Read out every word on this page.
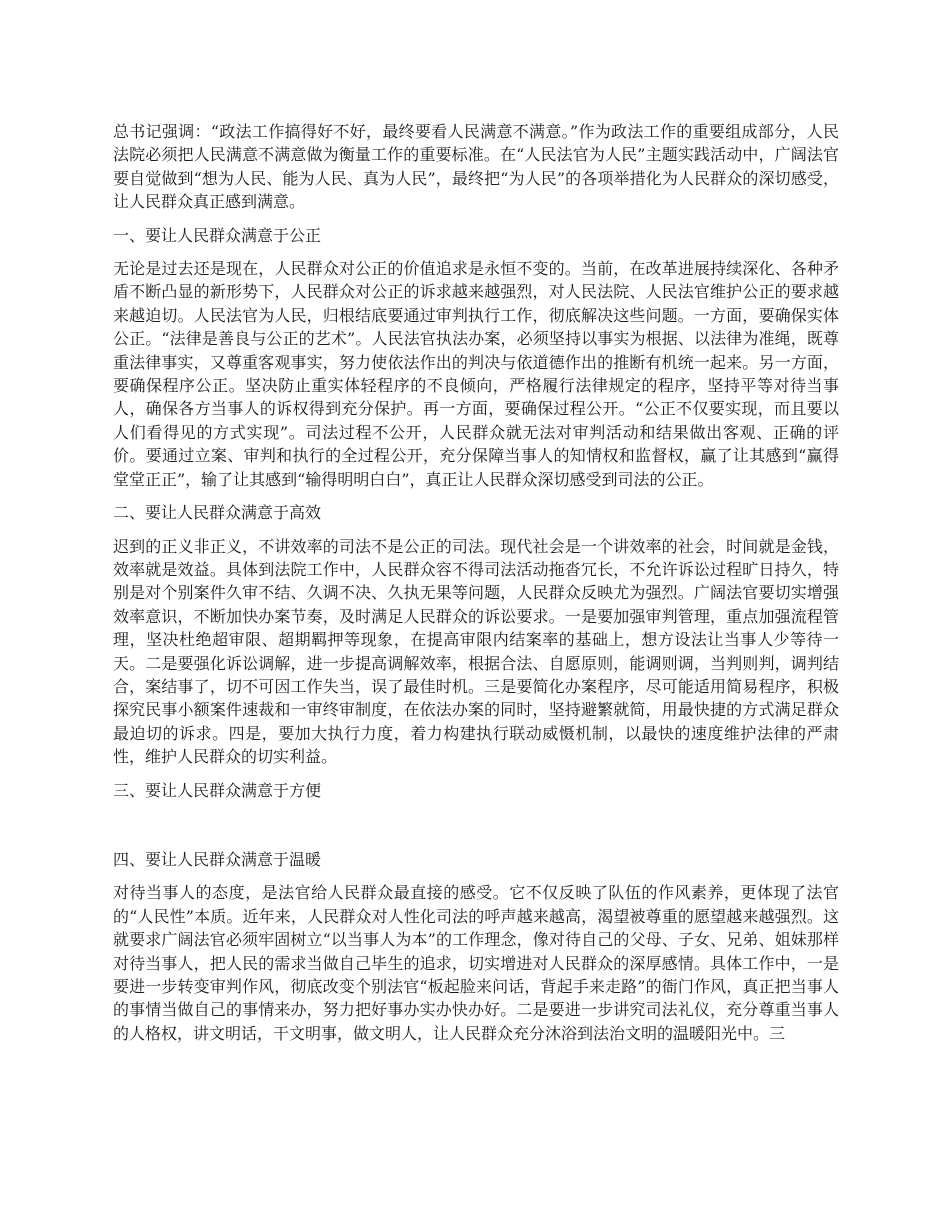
总书记强调：“政法工作搞得好不好，最终要看人民满意不满意。”作为政法工作的重要组成部分，人民法院必须把人民满意不满意做为衡量工作的重要标准。在“人民法官为人民”主题实践活动中，广阔法官要自觉做到“想为人民、能为人民、真为人民”，最终把“为人民”的各项举措化为人民群众的深切感受，让人民群众真正感到满意。

一、要让人民群众满意于公正

无论是过去还是现在，人民群众对公正的价值追求是永恒不变的。当前，在改革进展持续深化、各种矛盾不断凸显的新形势下，人民群众对公正的诉求越来越强烈，对人民法院、人民法官维护公正的要求越来越迫切。人民法官为人民，归根结底要通过审判执行工作，彻底解决这些问题。一方面，要确保实体公正。“法律是善良与公正的艺术”。人民法官执法办案，必须坚持以事实为根据、以法律为准绳，既尊重法律事实，又尊重客观事实，努力使依法作出的判决与依道德作出的推断有机统一起来。另一方面，要确保程序公正。坚决防止重实体轻程序的不良倾向，严格履行法律规定的程序，坚持平等对待当事人，确保各方当事人的诉权得到充分保护。再一方面，要确保过程公开。“公正不仅要实现，而且要以人们看得见的方式实现”。司法过程不公开，人民群众就无法对审判活动和结果做出客观、正确的评价。要通过立案、审判和执行的全过程公开，充分保障当事人的知情权和监督权，赢了让其感到“赢得堂堂正正”，输了让其感到“输得明明白白”，真正让人民群众深切感受到司法的公正。

二、要让人民群众满意于高效

迟到的正义非正义，不讲效率的司法不是公正的司法。现代社会是一个讲效率的社会，时间就是金钱，效率就是效益。具体到法院工作中，人民群众容不得司法活动拖沓冗长，不允许诉讼过程旷日持久，特别是对个别案件久审不结、久调不决、久执无果等问题，人民群众反映尤为强烈。广阔法官要切实增强效率意识，不断加快办案节奏，及时满足人民群众的诉讼要求。一是要加强审判管理，重点加强流程管理，坚决杜绝超审限、超期羁押等现象，在提高审限内结案率的基础上，想方设法让当事人少等待一天。二是要强化诉讼调解，进一步提高调解效率，根据合法、自愿原则，能调则调，当判则判，调判结合，案结事了，切不可因工作失当，误了最佳时机。三是要简化办案程序，尽可能适用简易程序，积极探究民事小额案件速裁和一审终审制度，在依法办案的同时，坚持避繁就简，用最快捷的方式满足群众最迫切的诉求。四是，要加大执行力度，着力构建执行联动威慑机制，以最快的速度维护法律的严肃性，维护人民群众的切实利益。

三、要让人民群众满意于方便

四、要让人民群众满意于温暖

对待当事人的态度，是法官给人民群众最直接的感受。它不仅反映了队伍的作风素养，更体现了法官的“人民性”本质。近年来，人民群众对人性化司法的呼声越来越高，渴望被尊重的愿望越来越强烈。这就要求广阔法官必须牢固树立“以当事人为本”的工作理念，像对待自己的父母、子女、兄弟、姐妹那样对待当事人，把人民的需求当做自己毕生的追求，切实增进对人民群众的深厚感情。具体工作中，一是要进一步转变审判作风，彻底改变个别法官“板起脸来问话，背起手来走路”的衙门作风，真正把当事人的事情当做自己的事情来办，努力把好事办实办快办好。二是要进一步讲究司法礼仪，充分尊重当事人的人格权，讲文明话，干文明事，做文明人，让人民群众充分沐浴到法治文明的温暖阳光中。三
